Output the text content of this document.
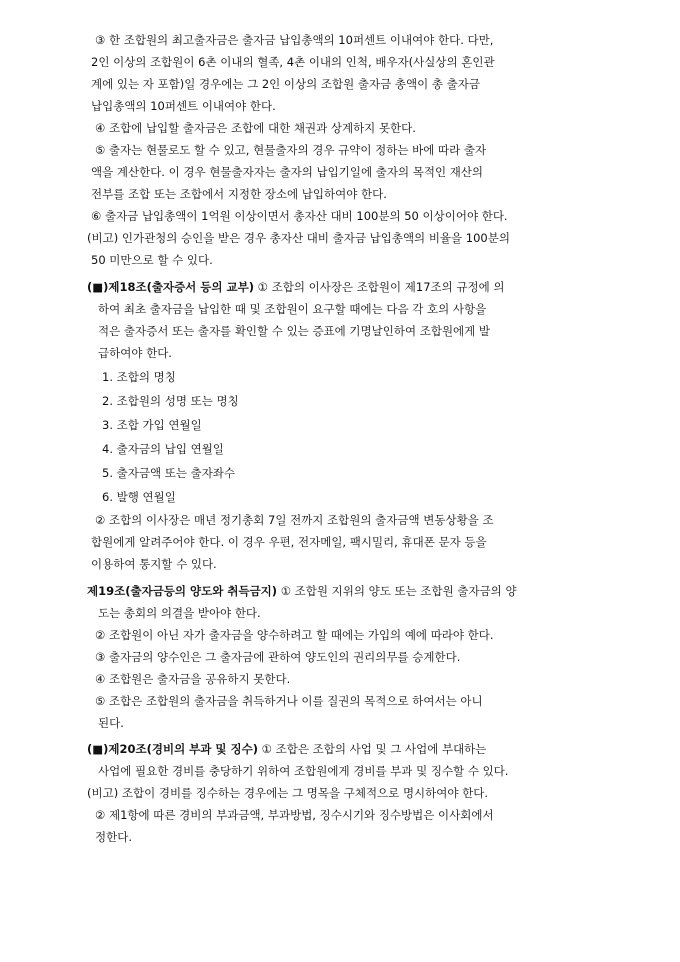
③ 한 조합원의 최고출자금은 출자금 납입총액의 10퍼센트 이내여야 한다. 다만,

2인 이상의 조합원이 6촌 이내의 혈족, 4촌 이내의 인척, 배우자(사실상의 혼인관

계에 있는 자 포함)일 경우에는 그 2인 이상의 조합원 출자금 총액이 총 출자금

납입총액의 10퍼센트 이내여야 한다.

④ 조합에 납입할 출자금은 조합에 대한 채권과 상계하지 못한다.

⑤ 출자는 현물로도 할 수 있고, 현물출자의 경우 규약이 정하는 바에 따라 출자

액을 계산한다. 이 경우 현물출자자는 출자의 납입기일에 출자의 목적인 재산의

전부를 조합 또는 조합에서 지정한 장소에 납입하여야 한다.

⑥ 출자금 납입총액이 1억원 이상이면서 총자산 대비 100분의 50 이상이어야 한다.

(비고) 인가관청의 승인을 받은 경우 총자산 대비 출자금 납입총액의 비율을 100분의

50 미만으로 할 수 있다.

(■)제18조(출자증서 등의 교부) ① 조합의 이사장은 조합원이 제17조의 규정에 의

하여 최초 출자금을 납입한 때 및 조합원이 요구할 때에는 다음 각 호의 사항을

적은 출자증서 또는 출자를 확인할 수 있는 증표에 기명날인하여 조합원에게 발

급하여야 한다.

1. 조합의 명칭

2. 조합원의 성명 또는 명칭

3. 조합 가입 연월일

4. 출자금의 납입 연월일

5. 출자금액 또는 출자좌수

6. 발행 연월일

② 조합의 이사장은 매년 정기총회 7일 전까지 조합원의 출자금액 변동상황을 조

합원에게 알려주어야 한다. 이 경우 우편, 전자메일, 팩시밀리, 휴대폰 문자 등을

이용하여 통지할 수 있다.

제19조(출자금등의 양도와 취득금지) ① 조합원 지위의 양도 또는 조합원 출자금의 양

도는 총회의 의결을 받아야 한다.

② 조합원이 아닌 자가 출자금을 양수하려고 할 때에는 가입의 예에 따라야 한다.

③ 출자금의 양수인은 그 출자금에 관하여 양도인의 권리의무를 승계한다.

④ 조합원은 출자금을 공유하지 못한다.

⑤ 조합은 조합원의 출자금을 취득하거나 이를 질권의 목적으로 하여서는 아니

된다.

(■)제20조(경비의 부과 및 징수) ① 조합은 조합의 사업 및 그 사업에 부대하는

사업에 필요한 경비를 충당하기 위하여 조합원에게 경비를 부과 및 징수할 수 있다.

(비고) 조합이 경비를 징수하는 경우에는 그 명목을 구체적으로 명시하여야 한다.

② 제1항에 따른 경비의 부과금액, 부과방법, 징수시기와 징수방법은 이사회에서

정한다.
